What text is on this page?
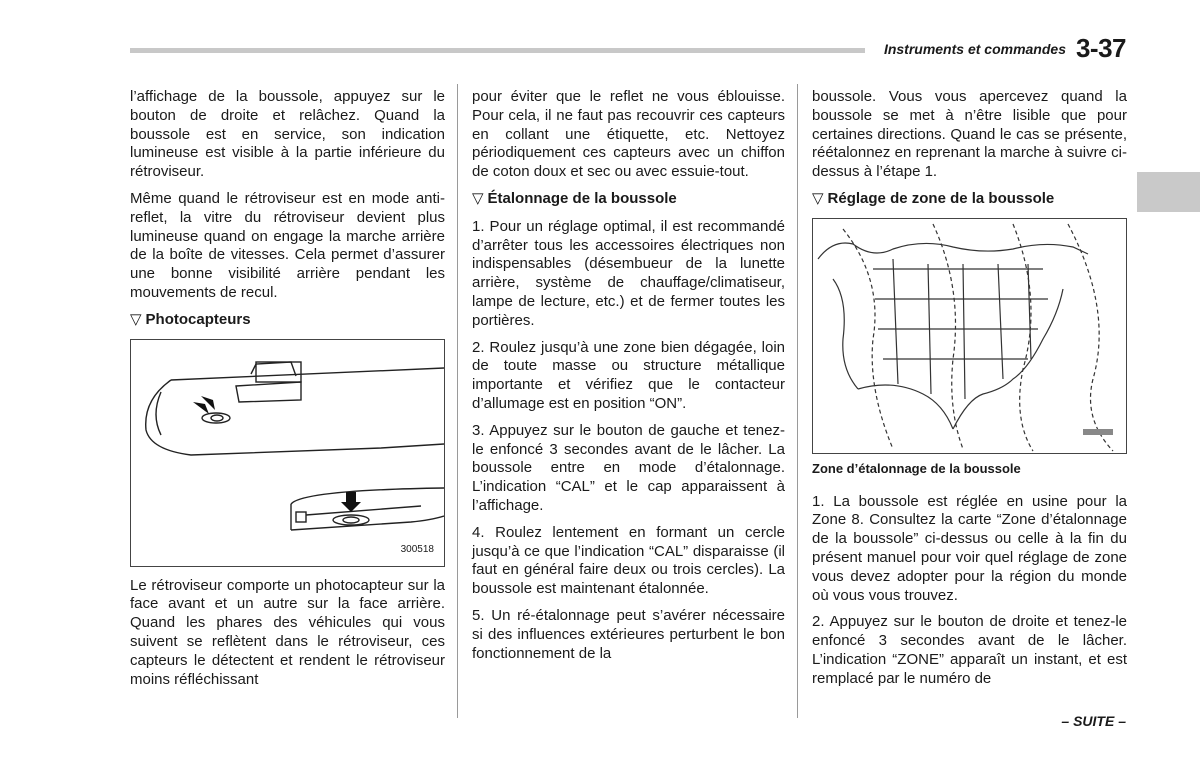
Instruments et commandes 3-37

l’affichage de la boussole, appuyez sur le bouton de droite et relâchez. Quand la boussole est en service, son indication lumineuse est visible à la partie inférieure du rétroviseur.

Même quand le rétroviseur est en mode anti-reflet, la vitre du rétroviseur devient plus lumineuse quand on engage la marche arrière de la boîte de vitesses. Cela permet d’assurer une bonne visibilité arrière pendant les mouvements de recul.

▽ Photocapteurs
300518

Le rétroviseur comporte un photocapteur sur la face avant et un autre sur la face arrière. Quand les phares des véhicules qui vous suivent se reflètent dans le rétroviseur, ces capteurs le détectent et rendent le rétroviseur moins réfléchissant

pour éviter que le reflet ne vous éblouisse. Pour cela, il ne faut pas recouvrir ces capteurs en collant une étiquette, etc. Nettoyez périodiquement ces capteurs avec un chiffon de coton doux et sec ou avec essuie-tout.

▽ Étalonnage de la boussole

1. Pour un réglage optimal, il est recommandé d’arrêter tous les accessoires électriques non indispensables (désembueur de la lunette arrière, système de chauffage/climatiseur, lampe de lecture, etc.) et de fermer toutes les portières.

2. Roulez jusqu’à une zone bien dégagée, loin de toute masse ou structure métallique importante et vérifiez que le contacteur d’allumage est en position “ON”.

3. Appuyez sur le bouton de gauche et tenez-le enfoncé 3 secondes avant de le lâcher. La boussole entre en mode d’étalonnage. L’indication “CAL” et le cap apparaissent à l’affichage.

4. Roulez lentement en formant un cercle jusqu’à ce que l’indication “CAL” disparaisse (il faut en général faire deux ou trois cercles). La boussole est maintenant étalonnée.

5. Un ré-étalonnage peut s’avérer nécessaire si des influences extérieures perturbent le bon fonctionnement de la

boussole. Vous vous apercevez quand la boussole se met à n’être lisible que pour certaines directions. Quand le cas se présente, réétalonnez en reprenant la marche à suivre ci-dessus à l’étape 1.

▽ Réglage de zone de la boussole
Zone d’étalonnage de la boussole

1. La boussole est réglée en usine pour la Zone 8. Consultez la carte “Zone d’étalonnage de la boussole” ci-dessus ou celle à la fin du présent manuel pour voir quel réglage de zone vous devez adopter pour la région du monde où vous vous trouvez.

2. Appuyez sur le bouton de droite et tenez-le enfoncé 3 secondes avant de le lâcher. L’indication “ZONE” apparaît un instant, et est remplacé par le numéro de

– SUITE –
